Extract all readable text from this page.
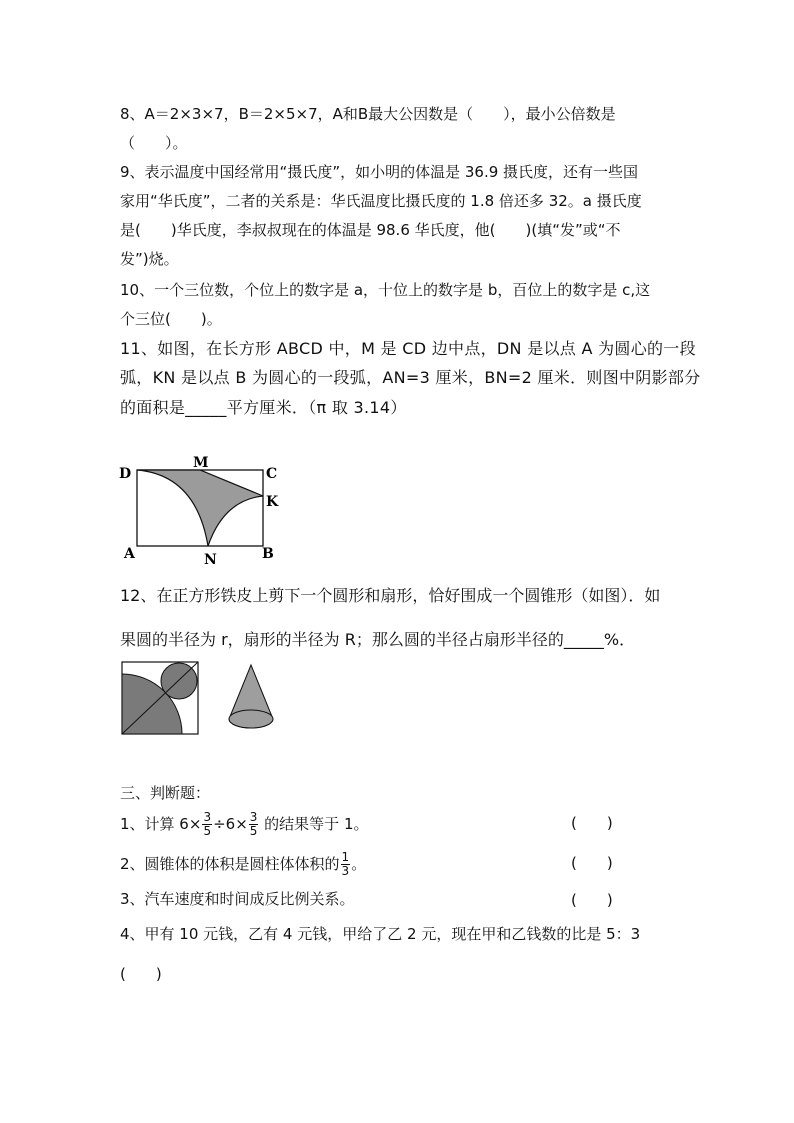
8、A＝2×3×7，B＝2×5×7，A和B最大公因数是（　　），最小公倍数是
（　　）。
9、表示温度中国经常用“摄氏度”，如小明的体温是 36.9 摄氏度，还有一些国
家用“华氏度”，二者的关系是：华氏温度比摄氏度的 1.8 倍还多 32。a 摄氏度
是(　　)华氏度，李叔叔现在的体温是 98.6 华氏度，他(　　)(填“发”或“不
发”)烧。
10、一个三位数，个位上的数字是 a，十位上的数字是 b，百位上的数字是 c,这
个三位(　　)。
11、如图，在长方形 ABCD 中，M 是 CD 边中点，DN 是以点 A 为圆心的一段
弧，KN 是以点 B 为圆心的一段弧，AN=3 厘米，BN=2 厘米．则图中阴影部分
的面积是_____平方厘米．（π 取 3.14）
D
M
C
K
A	N	B
12、在正方形铁皮上剪下一个圆形和扇形，恰好围成一个圆锥形（如图）．如
果圆的半径为 r，扇形的半径为 R；那么圆的半径占扇形半径的_____%．
三、判断题：
1、计算 $6\times \frac{3}{5} \div 6\times \frac{3}{5}$ 的结果等于 1。	(　　)
2、圆锥体的体积是圆柱体体积的 $\frac{1}{3}$ 。	(　　)
3、汽车速度和时间成反比例关系。	(　　)
4、甲有 10 元钱，乙有 4 元钱，甲给了乙 2 元，现在甲和乙钱数的比是 5：3
(　　)
